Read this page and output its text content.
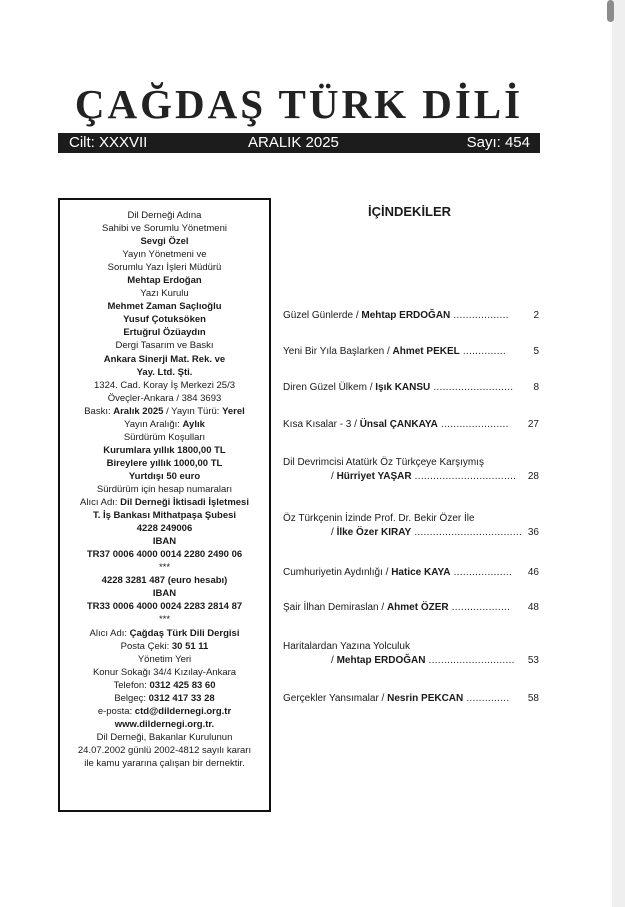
ÇAĞDAŞ TÜRK DİLİ
Cilt: XXXVII	ARALIK 2025	Sayı: 454
Dil Derneği Adına
Sahibi ve Sorumlu Yönetmeni
Sevgi Özel
Yayın Yönetmeni ve
Sorumlu Yazı İşleri Müdürü
Mehtap Erdoğan
Yazı Kurulu
Mehmet Zaman Saçlıoğlu
Yusuf Çotuksöken
Ertuğrul Özüaydın
Dergi Tasarım ve Baskı
Ankara Sinerji Mat. Rek. ve
Yay. Ltd. Şti.
1324. Cad. Koray İş Merkezi 25/3
Öveçler-Ankara / 384 3693
Baskı: Aralık 2025 / Yayın Türü: Yerel
Yayın Aralığı: Aylık
Sürdürüm Koşulları
Kurumlara yıllık 1800,00 TL
Bireylere yıllık 1000,00 TL
Yurtdışı 50 euro
Sürdürüm için hesap numaraları
Alıcı Adı: Dil Derneği İktisadi İşletmesi
T. İş Bankası Mithatpaşa Şubesi
4228 249006
IBAN
TR37 0006 4000 0014 2280 2490 06
***
4228 3281 487 (euro hesabı)
IBAN
TR33 0006 4000 0024 2283 2814 87
***
Alıcı Adı: Çağdaş Türk Dili Dergisi
Posta Çeki: 30 51 11
Yönetim Yeri
Konur Sokağı 34/4 Kızılay-Ankara
Telefon: 0312 425 83 60
Belgeç: 0312 417 33 28
e-posta: ctd@dildernegi.org.tr
www.dildernegi.org.tr.
Dil Derneği, Bakanlar Kurulunun
24.07.2002 günlü 2002-4812 sayılı kararı
ile kamu yararına çalışan bir dernektir.
İÇİNDEKİLER
Güzel Günlerde / Mehtap ERDOĞAN .................. 2
Yeni Bir Yıla Başlarken / Ahmet PEKEL ..............	5
Diren Güzel Ülkem / Işık KANSU .......................... 8
Kısa Kısalar - 3 / Ünsal ÇANKAYA ...................... 27
Dil Devrimcisi Atatürk Öz Türkçeye Karşıymış
/ Hürriyet YAŞAR ................................. 28
Öz Türkçenin İzinde Prof. Dr. Bekir Özer İle
/ İlke Özer KIRAY ................................... 36
Cumhuriyetin Aydınlığı / Hatice KAYA ................... 46
Şair İlhan Demiraslan / Ahmet ÖZER ................... 48
Haritalardan Yazına Yolculuk
/ Mehtap ERDOĞAN ............................ 53
Gerçekler Yansımalar / Nesrin PEKCAN .............. 58
